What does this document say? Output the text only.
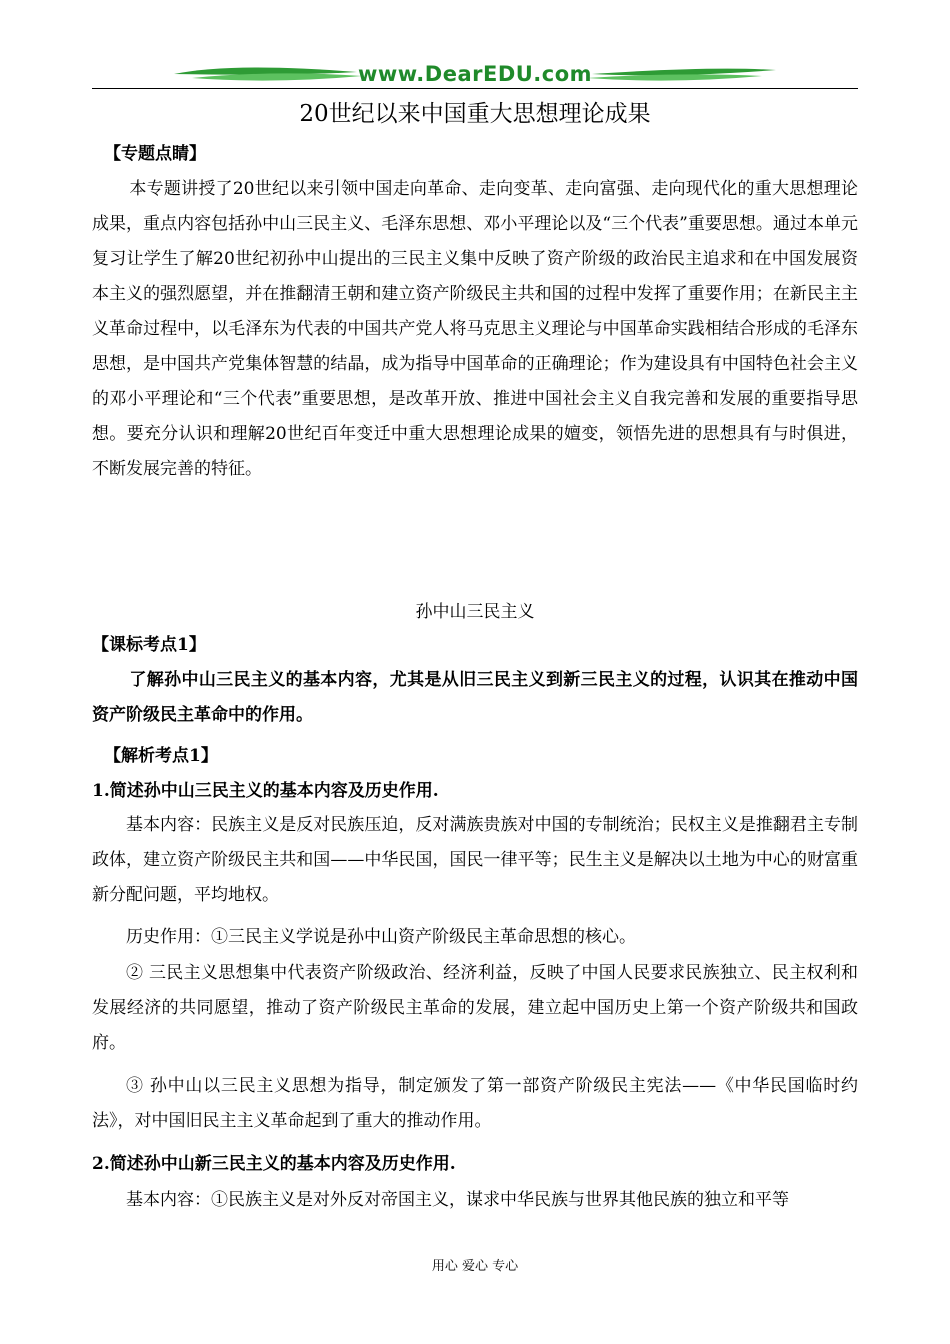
www.DearEDU.com
20世纪以来中国重大思想理论成果
【专题点睛】

本专题讲授了20世纪以来引领中国走向革命、走向变革、走向富强、走向现代化的重大思想理论成果，重点内容包括孙中山三民主义、毛泽东思想、邓小平理论以及“三个代表”重要思想。通过本单元复习让学生了解20世纪初孙中山提出的三民主义集中反映了资产阶级的政治民主追求和在中国发展资本主义的强烈愿望，并在推翻清王朝和建立资产阶级民主共和国的过程中发挥了重要作用；在新民主主义革命过程中，以毛泽东为代表的中国共产党人将马克思主义理论与中国革命实践相结合形成的毛泽东思想，是中国共产党集体智慧的结晶，成为指导中国革命的正确理论；作为建设具有中国特色社会主义的邓小平理论和“三个代表”重要思想，是改革开放、推进中国社会主义自我完善和发展的重要指导思想。要充分认识和理解20世纪百年变迁中重大思想理论成果的嬗变，领悟先进的思想具有与时俱进，不断发展完善的特征。

孙中山三民主义
【课标考点1】

了解孙中山三民主义的基本内容，尤其是从旧三民主义到新三民主义的过程，认识其在推动中国资产阶级民主革命中的作用。

【解析考点1】
1.简述孙中山三民主义的基本内容及历史作用.

基本内容：民族主义是反对民族压迫，反对满族贵族对中国的专制统治；民权主义是推翻君主专制政体，建立资产阶级民主共和国——中华民国，国民一律平等；民生主义是解决以土地为中心的财富重新分配问题，平均地权。

历史作用：①三民主义学说是孙中山资产阶级民主革命思想的核心。

② 三民主义思想集中代表资产阶级政治、经济利益，反映了中国人民要求民族独立、民主权利和发展经济的共同愿望，推动了资产阶级民主革命的发展，建立起中国历史上第一个资产阶级共和国政府。

③ 孙中山以三民主义思想为指导，制定颁发了第一部资产阶级民主宪法——《中华民国临时约法》，对中国旧民主主义革命起到了重大的推动作用。

2.简述孙中山新三民主义的基本内容及历史作用.

基本内容：①民族主义是对外反对帝国主义，谋求中华民族与世界其他民族的独立和平等

用心 爱心 专心
